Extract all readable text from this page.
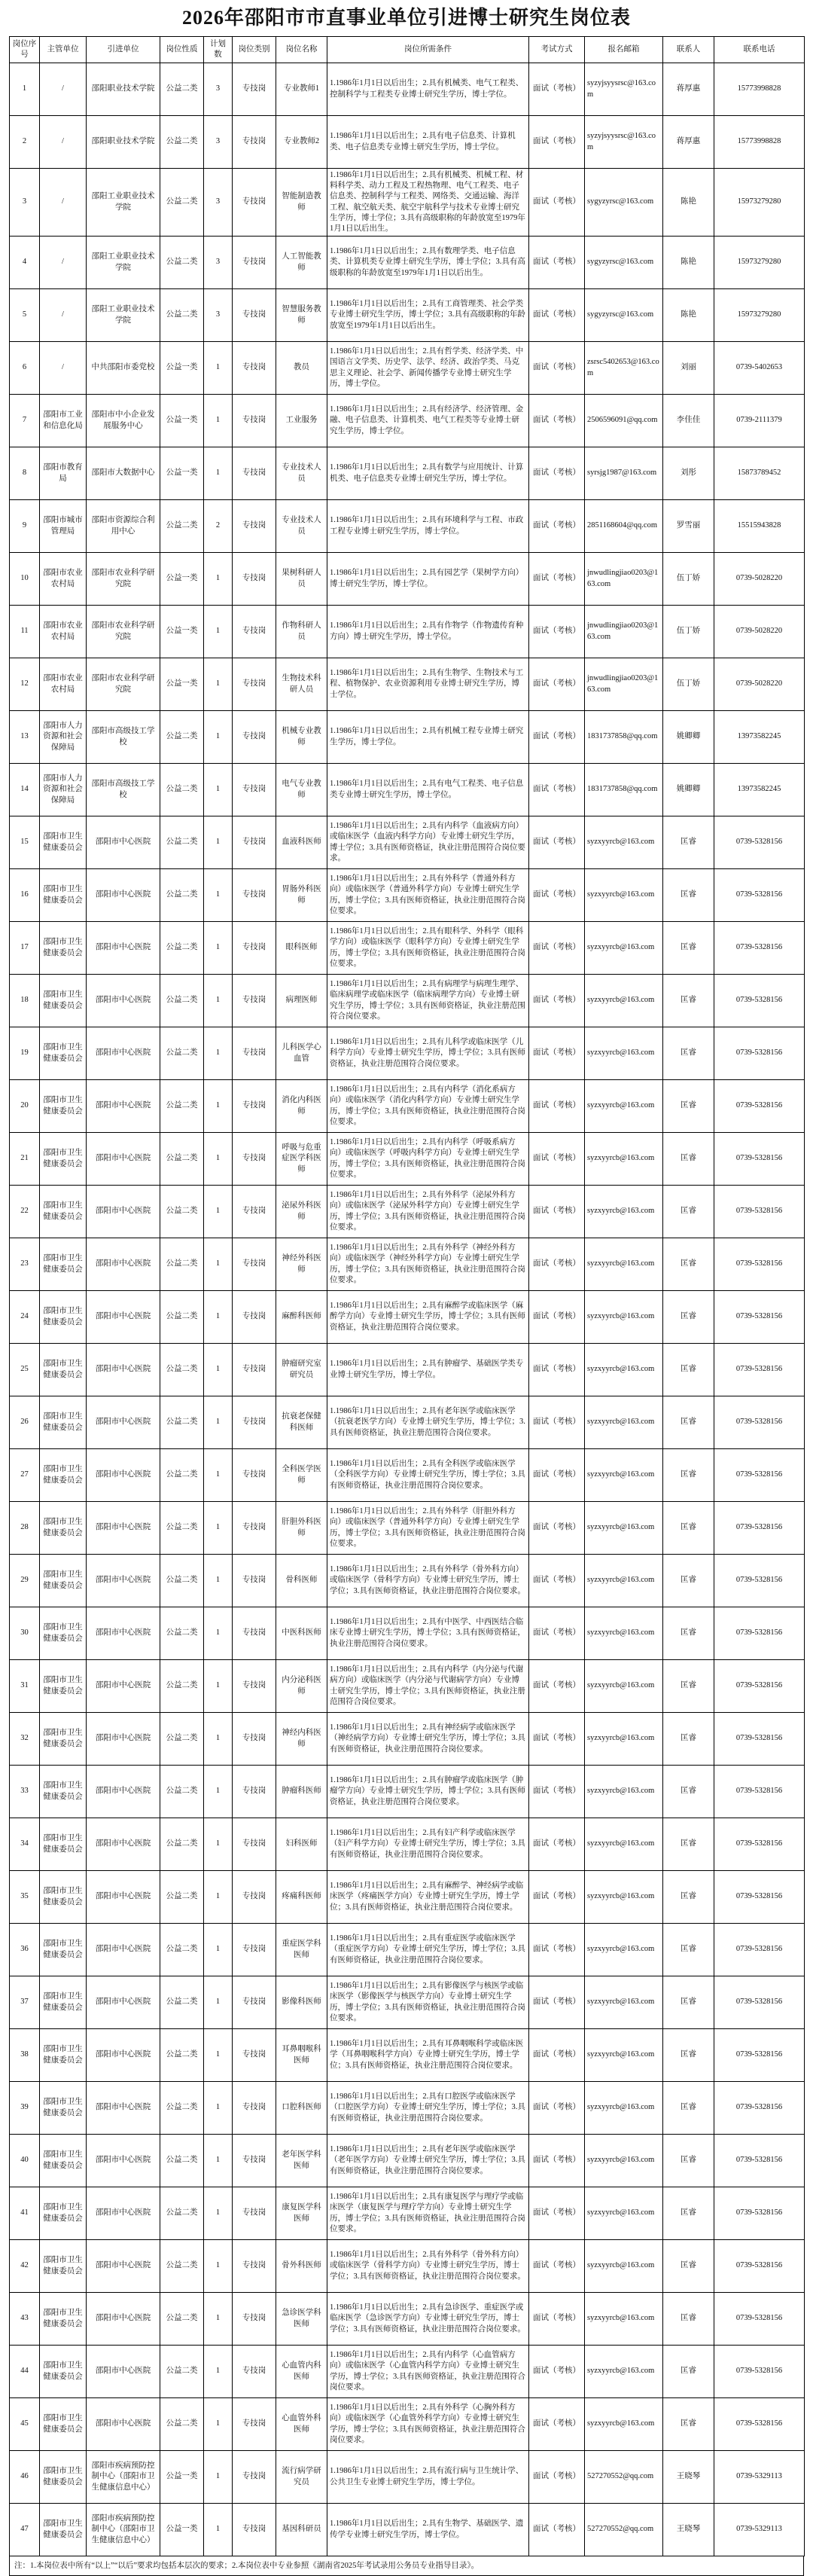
2026年邵阳市市直事业单位引进博士研究生岗位表
岗位序号	主管单位	引进单位	岗位性质	计划数	岗位类别	岗位名称	岗位所需条件	考试方式	报名邮箱	联系人	联系电话
1	/	邵阳职业技术学院	公益二类	3	专技岗	专业教师1	1.1986年1月1日以后出生；2.具有机械类、电气工程类、控制科学与工程类专业博士研究生学历，博士学位。	面试（考核）	syzyjsyysrsc@163.com	蒋厚惠	15773998828
2	/	邵阳职业技术学院	公益二类	3	专技岗	专业教师2	1.1986年1月1日以后出生；2.具有电子信息类、计算机类、电子信息类专业博士研究生学历，博士学位。	面试（考核）	syzyjsyysrsc@163.com	蒋厚惠	15773998828
3	/	邵阳工业职业技术学院	公益二类	3	专技岗	智能制造教师	1.1986年1月1日以后出生；2.具有机械类、机械工程、材料科学类、动力工程及工程热物理、电气工程类、电子信息类、控制科学与工程类、网络类、交通运输、海洋工程、航空航天类、航空宇航科学与技术专业博士研究生学历，博士学位；3.具有高级职称的年龄放宽至1979年1月1日以后出生。	面试（考核）	sygyzyrsc@163.com	陈艳	15973279280
4	/	邵阳工业职业技术学院	公益二类	3	专技岗	人工智能教师	1.1986年1月1日以后出生；2.具有数理学类、电子信息类、计算机类专业博士研究生学历，博士学位；3.具有高级职称的年龄放宽至1979年1月1日以后出生。	面试（考核）	sygyzyrsc@163.com	陈艳	15973279280
5	/	邵阳工业职业技术学院	公益二类	3	专技岗	智慧服务教师	1.1986年1月1日以后出生；2.具有工商管理类、社会学类专业博士研究生学历，博士学位；3.具有高级职称的年龄放宽至1979年1月1日以后出生。	面试（考核）	sygyzyrsc@163.com	陈艳	15973279280
6	/	中共邵阳市委党校	公益一类	1	专技岗	教员	1.1986年1月1日以后出生；2.具有哲学类、经济学类、中国语言文学类、历史学、法学、经济、政治学类、马克思主义理论、社会学、新闻传播学专业博士研究生学历，博士学位。	面试（考核）	zsrsc5402653@163.com	刘丽	0739-5402653
7	邵阳市工业和信息化局	邵阳市中小企业发展服务中心	公益一类	1	专技岗	工业服务	1.1986年1月1日以后出生；2.具有经济学、经济管理、金融、电子信息类、计算机类、电气工程类等专业博士研究生学历，博士学位。	面试（考核）	2506596091@qq.com	李佳佳	0739-2111379
8	邵阳市教育局	邵阳市大数据中心	公益一类	1	专技岗	专业技术人员	1.1986年1月1日以后出生；2.具有数学与应用统计、计算机类、电子信息类专业博士研究生学历，博士学位。	面试（考核）	syrsjg1987@163.com	刘彤	15873789452
9	邵阳市城市管理局	邵阳市资源综合利用中心	公益二类	2	专技岗	专业技术人员	1.1986年1月1日以后出生；2.具有环境科学与工程、市政工程专业博士研究生学历，博士学位。	面试（考核）	2851168604@qq.com	罗雪丽	15515943828
10	邵阳市农业农村局	邵阳市农业科学研究院	公益一类	1	专技岗	果树科研人员	1.1986年1月1日以后出生；2.具有园艺学（果树学方向）博士研究生学历，博士学位。	面试（考核）	jnwudlingjiao0203@163.com	伍丁娇	0739-5028220
11	邵阳市农业农村局	邵阳市农业科学研究院	公益一类	1	专技岗	作物科研人员	1.1986年1月1日以后出生；2.具有作物学（作物遗传育种方向）博士研究生学历，博士学位。	面试（考核）	jnwudlingjiao0203@163.com	伍丁娇	0739-5028220
12	邵阳市农业农村局	邵阳市农业科学研究院	公益一类	1	专技岗	生物技术科研人员	1.1986年1月1日以后出生；2.具有生物学、生物技术与工程、植物保护、农业资源利用专业博士研究生学历，博士学位。	面试（考核）	jnwudlingjiao0203@163.com	伍丁娇	0739-5028220
13	邵阳市人力资源和社会保障局	邵阳市高级技工学校	公益二类	1	专技岗	机械专业教师	1.1986年1月1日以后出生；2.具有机械工程专业博士研究生学历，博士学位。	面试（考核）	1831737858@qq.com	姚卿卿	13973582245
14	邵阳市人力资源和社会保障局	邵阳市高级技工学校	公益二类	1	专技岗	电气专业教师	1.1986年1月1日以后出生；2.具有电气工程类、电子信息类专业博士研究生学历，博士学位。	面试（考核）	1831737858@qq.com	姚卿卿	13973582245
15	邵阳市卫生健康委员会	邵阳市中心医院	公益二类	1	专技岗	血液科医师	1.1986年1月1日以后出生；2.具有内科学（血液病方向）或临床医学（血液内科学方向）专业博士研究生学历，博士学位；3.具有医师资格证，执业注册范围符合岗位要求。	面试（考核）	syzxyyrcb@163.com	匡睿	0739-5328156
16	邵阳市卫生健康委员会	邵阳市中心医院	公益二类	1	专技岗	胃肠外科医师	1.1986年1月1日以后出生；2.具有外科学（普通外科方向）或临床医学（普通外科学方向）专业博士研究生学历，博士学位；3.具有医师资格证，执业注册范围符合岗位要求。	面试（考核）	syzxyyrcb@163.com	匡睿	0739-5328156
17	邵阳市卫生健康委员会	邵阳市中心医院	公益二类	1	专技岗	眼科医师	1.1986年1月1日以后出生；2.具有眼科学、外科学（眼科学方向）或临床医学（眼科学方向）专业博士研究生学历，博士学位；3.具有医师资格证，执业注册范围符合岗位要求。	面试（考核）	syzxyyrcb@163.com	匡睿	0739-5328156
18	邵阳市卫生健康委员会	邵阳市中心医院	公益二类	1	专技岗	病理医师	1.1986年1月1日以后出生；2.具有病理学与病理生理学、临床病理学或临床医学（临床病理学方向）专业博士研究生学历，博士学位；3.具有医师资格证，执业注册范围符合岗位要求。	面试（考核）	syzxyyrcb@163.com	匡睿	0739-5328156
19	邵阳市卫生健康委员会	邵阳市中心医院	公益二类	1	专技岗	儿科医学心血管	1.1986年1月1日以后出生；2.具有儿科学或临床医学（儿科学方向）专业博士研究生学历，博士学位；3.具有医师资格证，执业注册范围符合岗位要求。	面试（考核）	syzxyyrcb@163.com	匡睿	0739-5328156
20	邵阳市卫生健康委员会	邵阳市中心医院	公益二类	1	专技岗	消化内科医师	1.1986年1月1日以后出生；2.具有内科学（消化系病方向）或临床医学（消化内科学方向）专业博士研究生学历，博士学位；3.具有医师资格证，执业注册范围符合岗位要求。	面试（考核）	syzxyyrcb@163.com	匡睿	0739-5328156
21	邵阳市卫生健康委员会	邵阳市中心医院	公益二类	1	专技岗	呼吸与危重症医学科医师	1.1986年1月1日以后出生；2.具有内科学（呼吸系病方向）或临床医学（呼吸内科学方向）专业博士研究生学历，博士学位；3.具有医师资格证，执业注册范围符合岗位要求。	面试（考核）	syzxyyrcb@163.com	匡睿	0739-5328156
22	邵阳市卫生健康委员会	邵阳市中心医院	公益二类	1	专技岗	泌尿外科医师	1.1986年1月1日以后出生；2.具有外科学（泌尿外科方向）或临床医学（泌尿外科学方向）专业博士研究生学历，博士学位；3.具有医师资格证，执业注册范围符合岗位要求。	面试（考核）	syzxyyrcb@163.com	匡睿	0739-5328156
23	邵阳市卫生健康委员会	邵阳市中心医院	公益二类	1	专技岗	神经外科医师	1.1986年1月1日以后出生；2.具有外科学（神经外科方向）或临床医学（神经外科学方向）专业博士研究生学历，博士学位；3.具有医师资格证，执业注册范围符合岗位要求。	面试（考核）	syzxyyrcb@163.com	匡睿	0739-5328156
24	邵阳市卫生健康委员会	邵阳市中心医院	公益二类	1	专技岗	麻醉科医师	1.1986年1月1日以后出生；2.具有麻醉学或临床医学（麻醉学方向）专业博士研究生学历，博士学位；3.具有医师资格证，执业注册范围符合岗位要求。	面试（考核）	syzxyyrcb@163.com	匡睿	0739-5328156
25	邵阳市卫生健康委员会	邵阳市中心医院	公益二类	1	专技岗	肿瘤研究室研究员	1.1986年1月1日以后出生；2.具有肿瘤学、基础医学类专业博士研究生学历，博士学位。	面试（考核）	syzxyyrcb@163.com	匡睿	0739-5328156
26	邵阳市卫生健康委员会	邵阳市中心医院	公益二类	1	专技岗	抗衰老保健科医师	1.1986年1月1日以后出生；2.具有老年医学或临床医学（抗衰老医学方向）专业博士研究生学历，博士学位；3.具有医师资格证，执业注册范围符合岗位要求。	面试（考核）	syzxyyrcb@163.com	匡睿	0739-5328156
27	邵阳市卫生健康委员会	邵阳市中心医院	公益二类	1	专技岗	全科医学医师	1.1986年1月1日以后出生；2.具有全科医学或临床医学（全科医学方向）专业博士研究生学历，博士学位；3.具有医师资格证，执业注册范围符合岗位要求。	面试（考核）	syzxyyrcb@163.com	匡睿	0739-5328156
28	邵阳市卫生健康委员会	邵阳市中心医院	公益二类	1	专技岗	肝胆外科医师	1.1986年1月1日以后出生；2.具有外科学（肝胆外科方向）或临床医学（普通外科学方向）专业博士研究生学历，博士学位；3.具有医师资格证，执业注册范围符合岗位要求。	面试（考核）	syzxyyrcb@163.com	匡睿	0739-5328156
29	邵阳市卫生健康委员会	邵阳市中心医院	公益二类	1	专技岗	骨科医师	1.1986年1月1日以后出生；2.具有外科学（骨外科方向）或临床医学（骨科学方向）专业博士研究生学历，博士学位；3.具有医师资格证，执业注册范围符合岗位要求。	面试（考核）	syzxyyrcb@163.com	匡睿	0739-5328156
30	邵阳市卫生健康委员会	邵阳市中心医院	公益二类	1	专技岗	中医科医师	1.1986年1月1日以后出生；2.具有中医学、中西医结合临床专业博士研究生学历，博士学位；3.具有医师资格证，执业注册范围符合岗位要求。	面试（考核）	syzxyyrcb@163.com	匡睿	0739-5328156
31	邵阳市卫生健康委员会	邵阳市中心医院	公益二类	1	专技岗	内分泌科医师	1.1986年1月1日以后出生；2.具有内科学（内分泌与代谢病方向）或临床医学（内分泌与代谢病学方向）专业博士研究生学历，博士学位；3.具有医师资格证，执业注册范围符合岗位要求。	面试（考核）	syzxyyrcb@163.com	匡睿	0739-5328156
32	邵阳市卫生健康委员会	邵阳市中心医院	公益二类	1	专技岗	神经内科医师	1.1986年1月1日以后出生；2.具有神经病学或临床医学（神经病学方向）专业博士研究生学历，博士学位；3.具有医师资格证，执业注册范围符合岗位要求。	面试（考核）	syzxyyrcb@163.com	匡睿	0739-5328156
33	邵阳市卫生健康委员会	邵阳市中心医院	公益二类	1	专技岗	肿瘤科医师	1.1986年1月1日以后出生；2.具有肿瘤学或临床医学（肿瘤学方向）专业博士研究生学历，博士学位；3.具有医师资格证，执业注册范围符合岗位要求。	面试（考核）	syzxyyrcb@163.com	匡睿	0739-5328156
34	邵阳市卫生健康委员会	邵阳市中心医院	公益二类	1	专技岗	妇科医师	1.1986年1月1日以后出生；2.具有妇产科学或临床医学（妇产科学方向）专业博士研究生学历，博士学位；3.具有医师资格证，执业注册范围符合岗位要求。	面试（考核）	syzxyyrcb@163.com	匡睿	0739-5328156
35	邵阳市卫生健康委员会	邵阳市中心医院	公益二类	1	专技岗	疼痛科医师	1.1986年1月1日以后出生；2.具有麻醉学、神经病学或临床医学（疼痛医学方向）专业博士研究生学历，博士学位；3.具有医师资格证，执业注册范围符合岗位要求。	面试（考核）	syzxyyrcb@163.com	匡睿	0739-5328156
36	邵阳市卫生健康委员会	邵阳市中心医院	公益二类	1	专技岗	重症医学科医师	1.1986年1月1日以后出生；2.具有重症医学或临床医学（重症医学方向）专业博士研究生学历，博士学位；3.具有医师资格证，执业注册范围符合岗位要求。	面试（考核）	syzxyyrcb@163.com	匡睿	0739-5328156
37	邵阳市卫生健康委员会	邵阳市中心医院	公益二类	1	专技岗	影像科医师	1.1986年1月1日以后出生；2.具有影像医学与核医学或临床医学（影像医学与核医学方向）专业博士研究生学历，博士学位；3.具有医师资格证，执业注册范围符合岗位要求。	面试（考核）	syzxyyrcb@163.com	匡睿	0739-5328156
38	邵阳市卫生健康委员会	邵阳市中心医院	公益二类	1	专技岗	耳鼻咽喉科医师	1.1986年1月1日以后出生；2.具有耳鼻咽喉科学或临床医学（耳鼻咽喉科学方向）专业博士研究生学历，博士学位；3.具有医师资格证，执业注册范围符合岗位要求。	面试（考核）	syzxyyrcb@163.com	匡睿	0739-5328156
39	邵阳市卫生健康委员会	邵阳市中心医院	公益二类	1	专技岗	口腔科医师	1.1986年1月1日以后出生；2.具有口腔医学或临床医学（口腔医学方向）专业博士研究生学历，博士学位；3.具有医师资格证，执业注册范围符合岗位要求。	面试（考核）	syzxyyrcb@163.com	匡睿	0739-5328156
40	邵阳市卫生健康委员会	邵阳市中心医院	公益二类	1	专技岗	老年医学科医师	1.1986年1月1日以后出生；2.具有老年医学或临床医学（老年医学方向）专业博士研究生学历，博士学位；3.具有医师资格证，执业注册范围符合岗位要求。	面试（考核）	syzxyyrcb@163.com	匡睿	0739-5328156
41	邵阳市卫生健康委员会	邵阳市中心医院	公益二类	1	专技岗	康复医学科医师	1.1986年1月1日以后出生；2.具有康复医学与理疗学或临床医学（康复医学与理疗学方向）专业博士研究生学历，博士学位；3.具有医师资格证，执业注册范围符合岗位要求。	面试（考核）	syzxyyrcb@163.com	匡睿	0739-5328156
42	邵阳市卫生健康委员会	邵阳市中心医院	公益二类	1	专技岗	骨外科医师	1.1986年1月1日以后出生；2.具有外科学（骨外科方向）或临床医学（骨科学方向）专业博士研究生学历，博士学位；3.具有医师资格证，执业注册范围符合岗位要求。	面试（考核）	syzxyyrcb@163.com	匡睿	0739-5328156
43	邵阳市卫生健康委员会	邵阳市中心医院	公益二类	1	专技岗	急诊医学科医师	1.1986年1月1日以后出生；2.具有急诊医学、重症医学或临床医学（急诊医学方向）专业博士研究生学历，博士学位；3.具有医师资格证，执业注册范围符合岗位要求。	面试（考核）	syzxyyrcb@163.com	匡睿	0739-5328156
44	邵阳市卫生健康委员会	邵阳市中心医院	公益二类	1	专技岗	心血管内科医师	1.1986年1月1日以后出生；2.具有内科学（心血管病方向）或临床医学（心血管内科学方向）专业博士研究生学历，博士学位；3.具有医师资格证，执业注册范围符合岗位要求。	面试（考核）	syzxyyrcb@163.com	匡睿	0739-5328156
45	邵阳市卫生健康委员会	邵阳市中心医院	公益二类	1	专技岗	心血管外科医师	1.1986年1月1日以后出生；2.具有外科学（心胸外科方向）或临床医学（心血管外科学方向）专业博士研究生学历，博士学位；3.具有医师资格证，执业注册范围符合岗位要求。	面试（考核）	syzxyyrcb@163.com	匡睿	0739-5328156
46	邵阳市卫生健康委员会	邵阳市疾病预防控制中心（邵阳市卫生健康信息中心）	公益一类	1	专技岗	流行病学研究员	1.1986年1月1日以后出生；2.具有流行病与卫生统计学、公共卫生专业博士研究生学历，博士学位。	面试（考核）	527270552@qq.com	王晓琴	0739-5329113
47	邵阳市卫生健康委员会	邵阳市疾病预防控制中心（邵阳市卫生健康信息中心）	公益一类	1	专技岗	基因科研员	1.1986年1月1日以后出生；2.具有生物学、基础医学、遗传学专业博士研究生学历，博士学位。	面试（考核）	527270552@qq.com	王晓琴	0739-5329113
注：1.本岗位表中所有“以上”“以后”要求均包括本层次的要求；2.本岗位表中专业参照《湖南省2025年考试录用公务员专业指导目录》。
